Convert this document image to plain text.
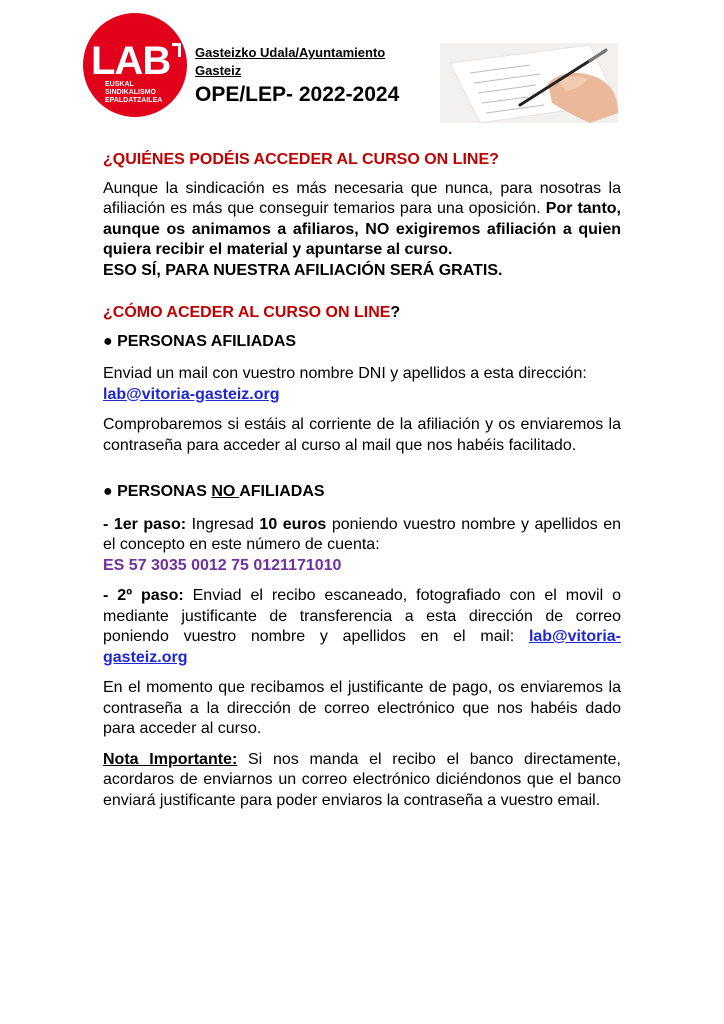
LAB
EUSKAL
SINDIKALISMO
EPALDATZAILEA
Gasteizko Udala/Ayuntamiento Gasteiz
OPE/LEP- 2022-2024
¿QUIÉNES PODÉIS ACCEDER AL CURSO ON LINE?

Aunque la sindicación es más necesaria que nunca, para nosotras la afiliación es más que conseguir temarios para una oposición. Por tanto, aunque os animamos a afiliaros, NO exigiremos afiliación a quien quiera recibir el material y apuntarse al curso.
ESO SÍ, PARA NUESTRA AFILIACIÓN SERÁ GRATIS.

¿CÓMO ACEDER AL CURSO ON LINE?
● PERSONAS AFILIADAS

Enviad un mail con vuestro nombre DNI y apellidos a esta dirección:
lab@vitoria-gasteiz.org

Comprobaremos si estáis al corriente de la afiliación y os enviaremos la contraseña para acceder al curso al mail que nos habéis facilitado.

● PERSONAS NO AFILIADAS

- 1er paso: Ingresad 10 euros poniendo vuestro nombre y apellidos en el concepto en este número de cuenta:
ES 57 3035 0012 75 0121171010

- 2º paso: Enviad el recibo escaneado, fotografiado con el movil o mediante justificante de transferencia a esta dirección de correo poniendo vuestro nombre y apellidos en el mail: lab@vitoria-gasteiz.org

En el momento que recibamos el justificante de pago, os enviaremos la contraseña a la dirección de correo electrónico que nos habéis dado para acceder al curso.

Nota Importante: Si nos manda el recibo el banco directamente, acordaros de enviarnos un correo electrónico diciéndonos que el banco enviará justificante para poder enviaros la contraseña a vuestro email.
